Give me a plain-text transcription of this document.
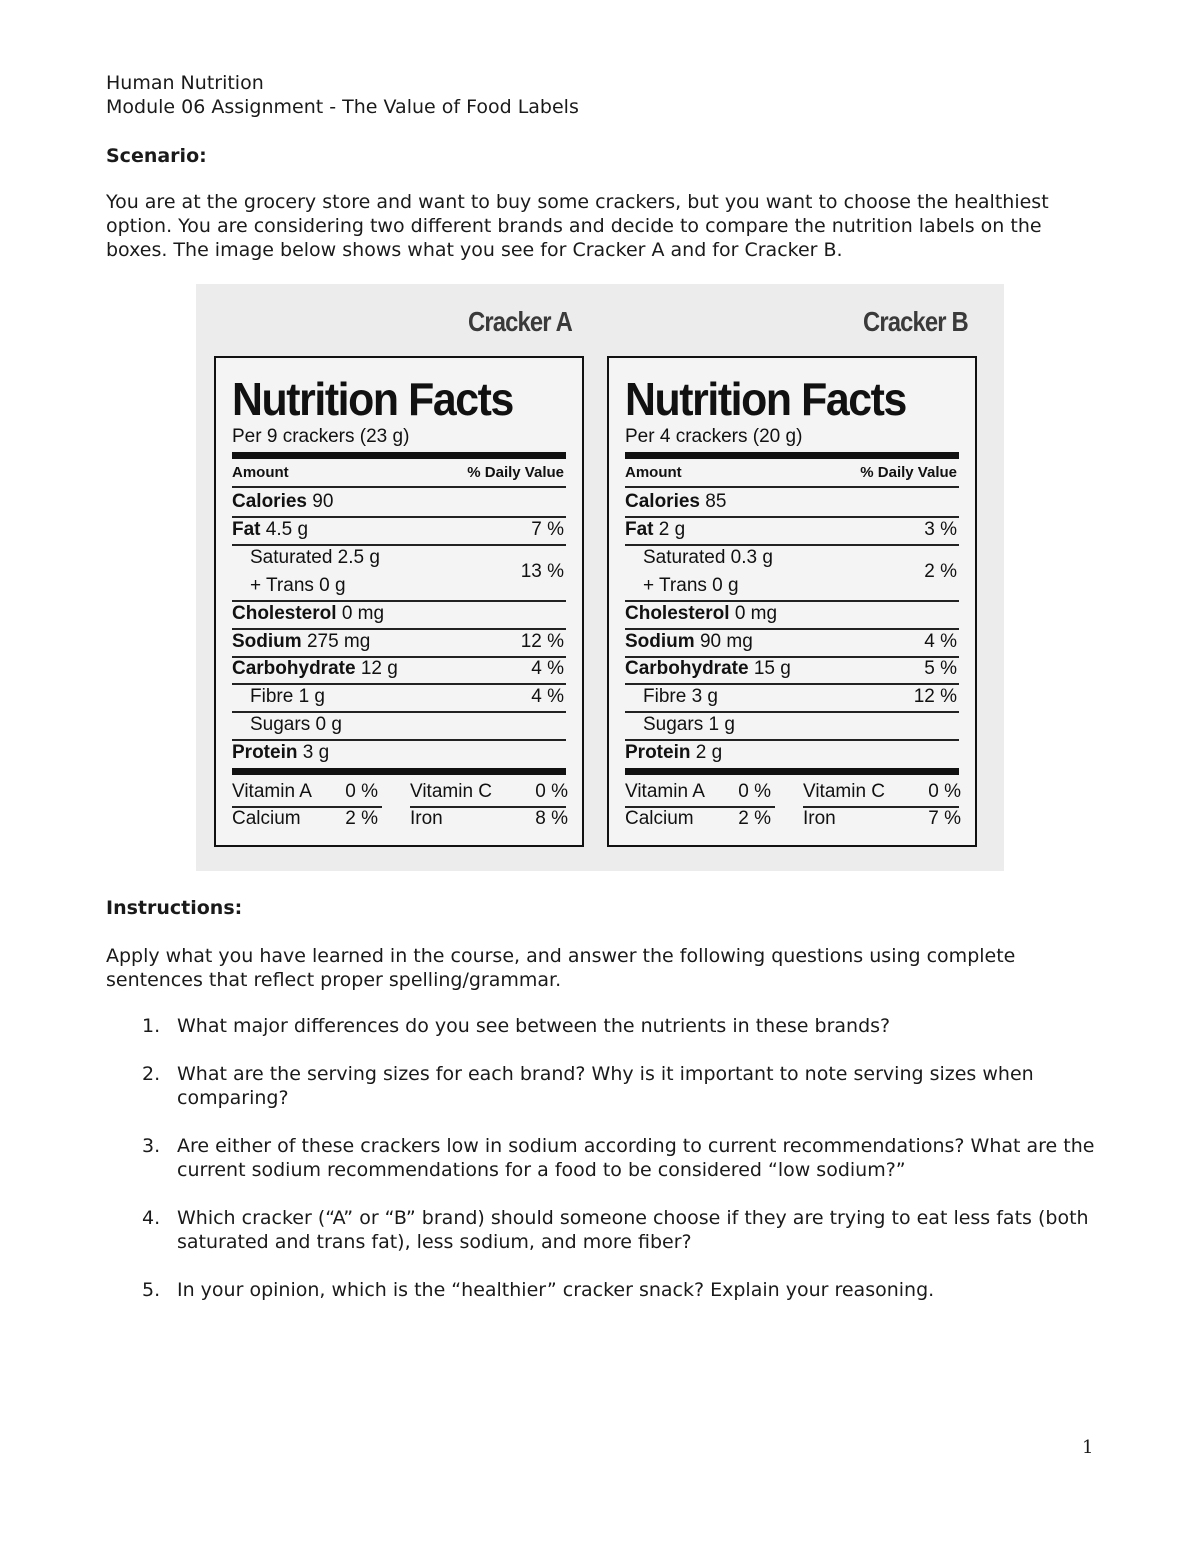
Human Nutrition
Module 06 Assignment - The Value of Food Labels
Scenario:
You are at the grocery store and want to buy some crackers, but you want to choose the healthiest option. You are considering two different brands and decide to compare the nutrition labels on the boxes. The image below shows what you see for Cracker A and for Cracker B.
Cracker A	Cracker B
Nutrition Facts
Per 9 crackers (23 g)
Amount	% Daily Value
Calories 90
Fat 4.5 g	7 %
Saturated 2.5 g
+ Trans 0 g
13 %
Cholesterol 0 mg
Sodium 275 mg	12 %
Carbohydrate 12 g	4 %
Fibre 1 g	4 %
Sugars 0 g
Protein 3 g
Vitamin A 0 % Vitamin C 0 %
Calcium 2 % Iron	8 %
Nutrition Facts
Per 4 crackers (20 g)
Amount	% Daily Value
Calories 85
Fat 2 g	3 %
Saturated 0.3 g
+ Trans 0 g
2 %
Cholesterol 0 mg
Sodium 90 mg	4 %
Carbohydrate 15 g	5 %
Fibre 3 g	12 %
Sugars 1 g
Protein 2 g
Vitamin A 0 % Vitamin C 0 %
Calcium 2 % Iron	7 %
Instructions:
Apply what you have learned in the course, and answer the following questions using complete sentences that reflect proper spelling/grammar.
1. What major differences do you see between the nutrients in these brands?
2. What are the serving sizes for each brand? Why is it important to note serving sizes when comparing?
3. Are either of these crackers low in sodium according to current recommendations? What are the current sodium recommendations for a food to be considered “low sodium?”
4. Which cracker (“A” or “B” brand) should someone choose if they are trying to eat less fats (both saturated and trans fat), less sodium, and more fiber?
5. In your opinion, which is the “healthier” cracker snack? Explain your reasoning.
1
